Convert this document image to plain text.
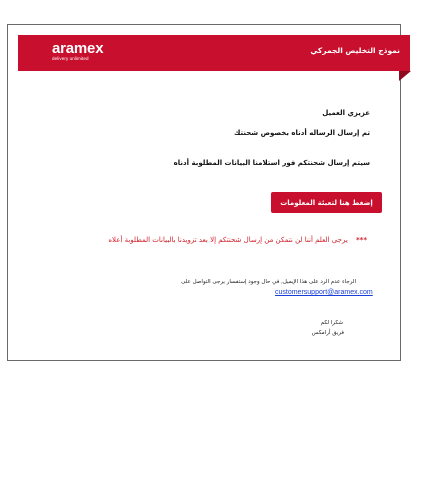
aramex
delivery unlimited
نموذج التخليص الجمركي
عزيزي العميل
تم إرسال الرساله أدناه بخصوص شحنتك
سيتم إرسال شحنتكم فور استلامنا البيانات المطلوبة أدناه
إضغط هنا لتعبئة المعلومات
*** يرجى العلم أننا لن نتمكن من إرسال شحنتكم إلا بعد تزويدنا بالبيانات المطلوبة أعلاه
الرجاء عدم الرد على هذا الإيميل, في حال وجود إستفسار يرجى التواصل على
customersupport@aramex.com
شكرا لكم
فريق أرامكس
